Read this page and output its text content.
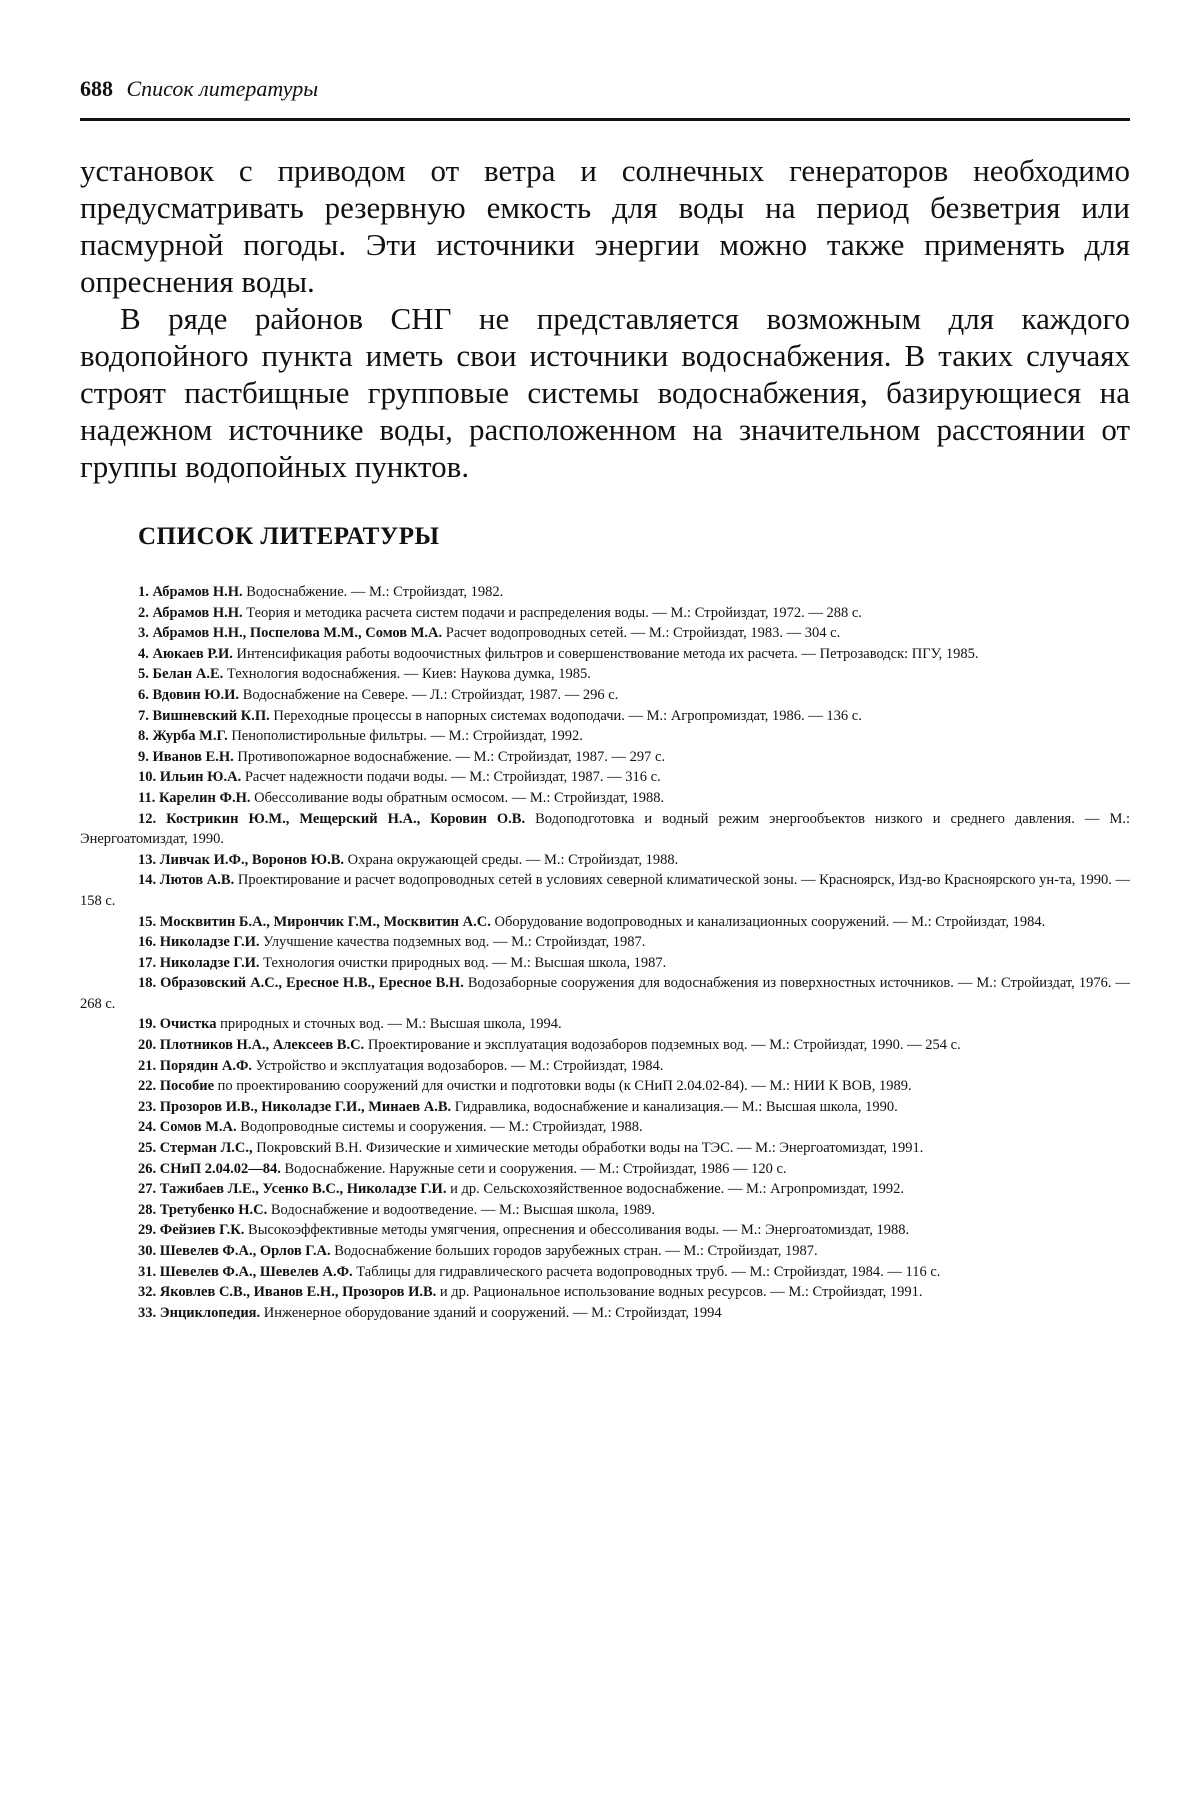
688 Список литературы

установок с приводом от ветра и солнечных генераторов необходимо предусматривать резервную емкость для воды на период безветрия или пасмурной погоды. Эти источники энергии можно также применять для опреснения воды.

В ряде районов СНГ не представляется возможным для каждого водопойного пункта иметь свои источники водоснабжения. В таких случаях строят пастбищные групповые системы водоснабжения, базирующиеся на надежном источнике воды, расположенном на значительном расстоянии от группы водопойных пунктов.

СПИСОК ЛИТЕРАТУРЫ
1. Абрамов Н.Н. Водоснабжение. — М.: Стройиздат, 1982.
2. Абрамов Н.Н. Теория и методика расчета систем подачи и распределения воды. — М.: Стройиздат, 1972. — 288 с.
3. Абрамов Н.Н., Поспелова М.М., Сомов М.А. Расчет водопроводных сетей. — М.: Стройиздат, 1983. — 304 с.
4. Аюкаев Р.И. Интенсификация работы водоочистных фильтров и совершенствование метода их расчета. — Петрозаводск: ПГУ, 1985.
5. Белан А.Е. Технология водоснабжения. — Киев: Наукова думка, 1985.
6. Вдовин Ю.И. Водоснабжение на Севере. — Л.: Стройиздат, 1987. — 296 с.
7. Вишневский К.П. Переходные процессы в напорных системах водоподачи. — М.: Агропромиздат, 1986. — 136 с.
8. Журба М.Г. Пенополистирольные фильтры. — М.: Стройиздат, 1992.
9. Иванов Е.Н. Противопожарное водоснабжение. — М.: Стройиздат, 1987. — 297 с.
10. Ильин Ю.А. Расчет надежности подачи воды. — М.: Стройиздат, 1987. — 316 с.
11. Карелин Ф.Н. Обессоливание воды обратным осмосом. — М.: Стройиздат, 1988.
12. Кострикин Ю.М., Мещерский Н.А., Коровин О.В. Водоподготовка и водный режим энергообъектов низкого и среднего давления. — М.: Энергоатомиздат, 1990.
13. Ливчак И.Ф., Воронов Ю.В. Охрана окружающей среды. — М.: Стройиздат, 1988.
14. Лютов А.В. Проектирование и расчет водопроводных сетей в условиях северной климатической зоны. — Красноярск, Изд-во Красноярского ун-та, 1990. — 158 с.
15. Москвитин Б.А., Мирончик Г.М., Москвитин А.С. Оборудование водопроводных и канализационных сооружений. — М.: Стройиздат, 1984.
16. Николадзе Г.И. Улучшение качества подземных вод. — М.: Стройиздат, 1987.
17. Николадзе Г.И. Технология очистки природных вод. — М.: Высшая школа, 1987.
18. Образовский А.С., Ересное Н.В., Ересное В.Н. Водозаборные сооружения для водоснабжения из поверхностных источников. — М.: Стройиздат, 1976. — 268 с.
19. Очистка природных и сточных вод. — М.: Высшая школа, 1994.
20. Плотников Н.А., Алексеев В.С. Проектирование и эксплуатация водозаборов подземных вод. — М.: Стройиздат, 1990. — 254 с.
21. Порядин А.Ф. Устройство и эксплуатация водозаборов. — М.: Стройиздат, 1984.
22. Пособие по проектированию сооружений для очистки и подготовки воды (к СНиП 2.04.02-84). — М.: НИИ К ВОВ, 1989.
23. Прозоров И.В., Николадзе Г.И., Минаев А.В. Гидравлика, водоснабжение и канализация.— М.: Высшая школа, 1990.
24. Сомов М.А. Водопроводные системы и сооружения. — М.: Стройиздат, 1988.
25. Стерман Л.С., Покровский В.Н. Физические и химические методы обработки воды на ТЭС. — М.: Энергоатомиздат, 1991.
26. СНиП 2.04.02—84. Водоснабжение. Наружные сети и сооружения. — М.: Стройиздат, 1986 — 120 с.
27. Тажибаев Л.Е., Усенко В.С., Николадзе Г.И. и др. Сельскохозяйственное водоснабжение. — М.: Агропромиздат, 1992.
28. Третубенко Н.С. Водоснабжение и водоотведение. — М.: Высшая школа, 1989.
29. Фейзиев Г.К. Высокоэффективные методы умягчения, опреснения и обессоливания воды. — М.: Энергоатомиздат, 1988.
30. Шевелев Ф.А., Орлов Г.А. Водоснабжение больших городов зарубежных стран. — М.: Стройиздат, 1987.
31. Шевелев Ф.А., Шевелев А.Ф. Таблицы для гидравлического расчета водопроводных труб. — М.: Стройиздат, 1984. — 116 с.
32. Яковлев С.В., Иванов Е.Н., Прозоров И.В. и др. Рациональное использование водных ресурсов. — М.: Стройиздат, 1991.
33. Энциклопедия. Инженерное оборудование зданий и сооружений. — М.: Стройиздат, 1994
